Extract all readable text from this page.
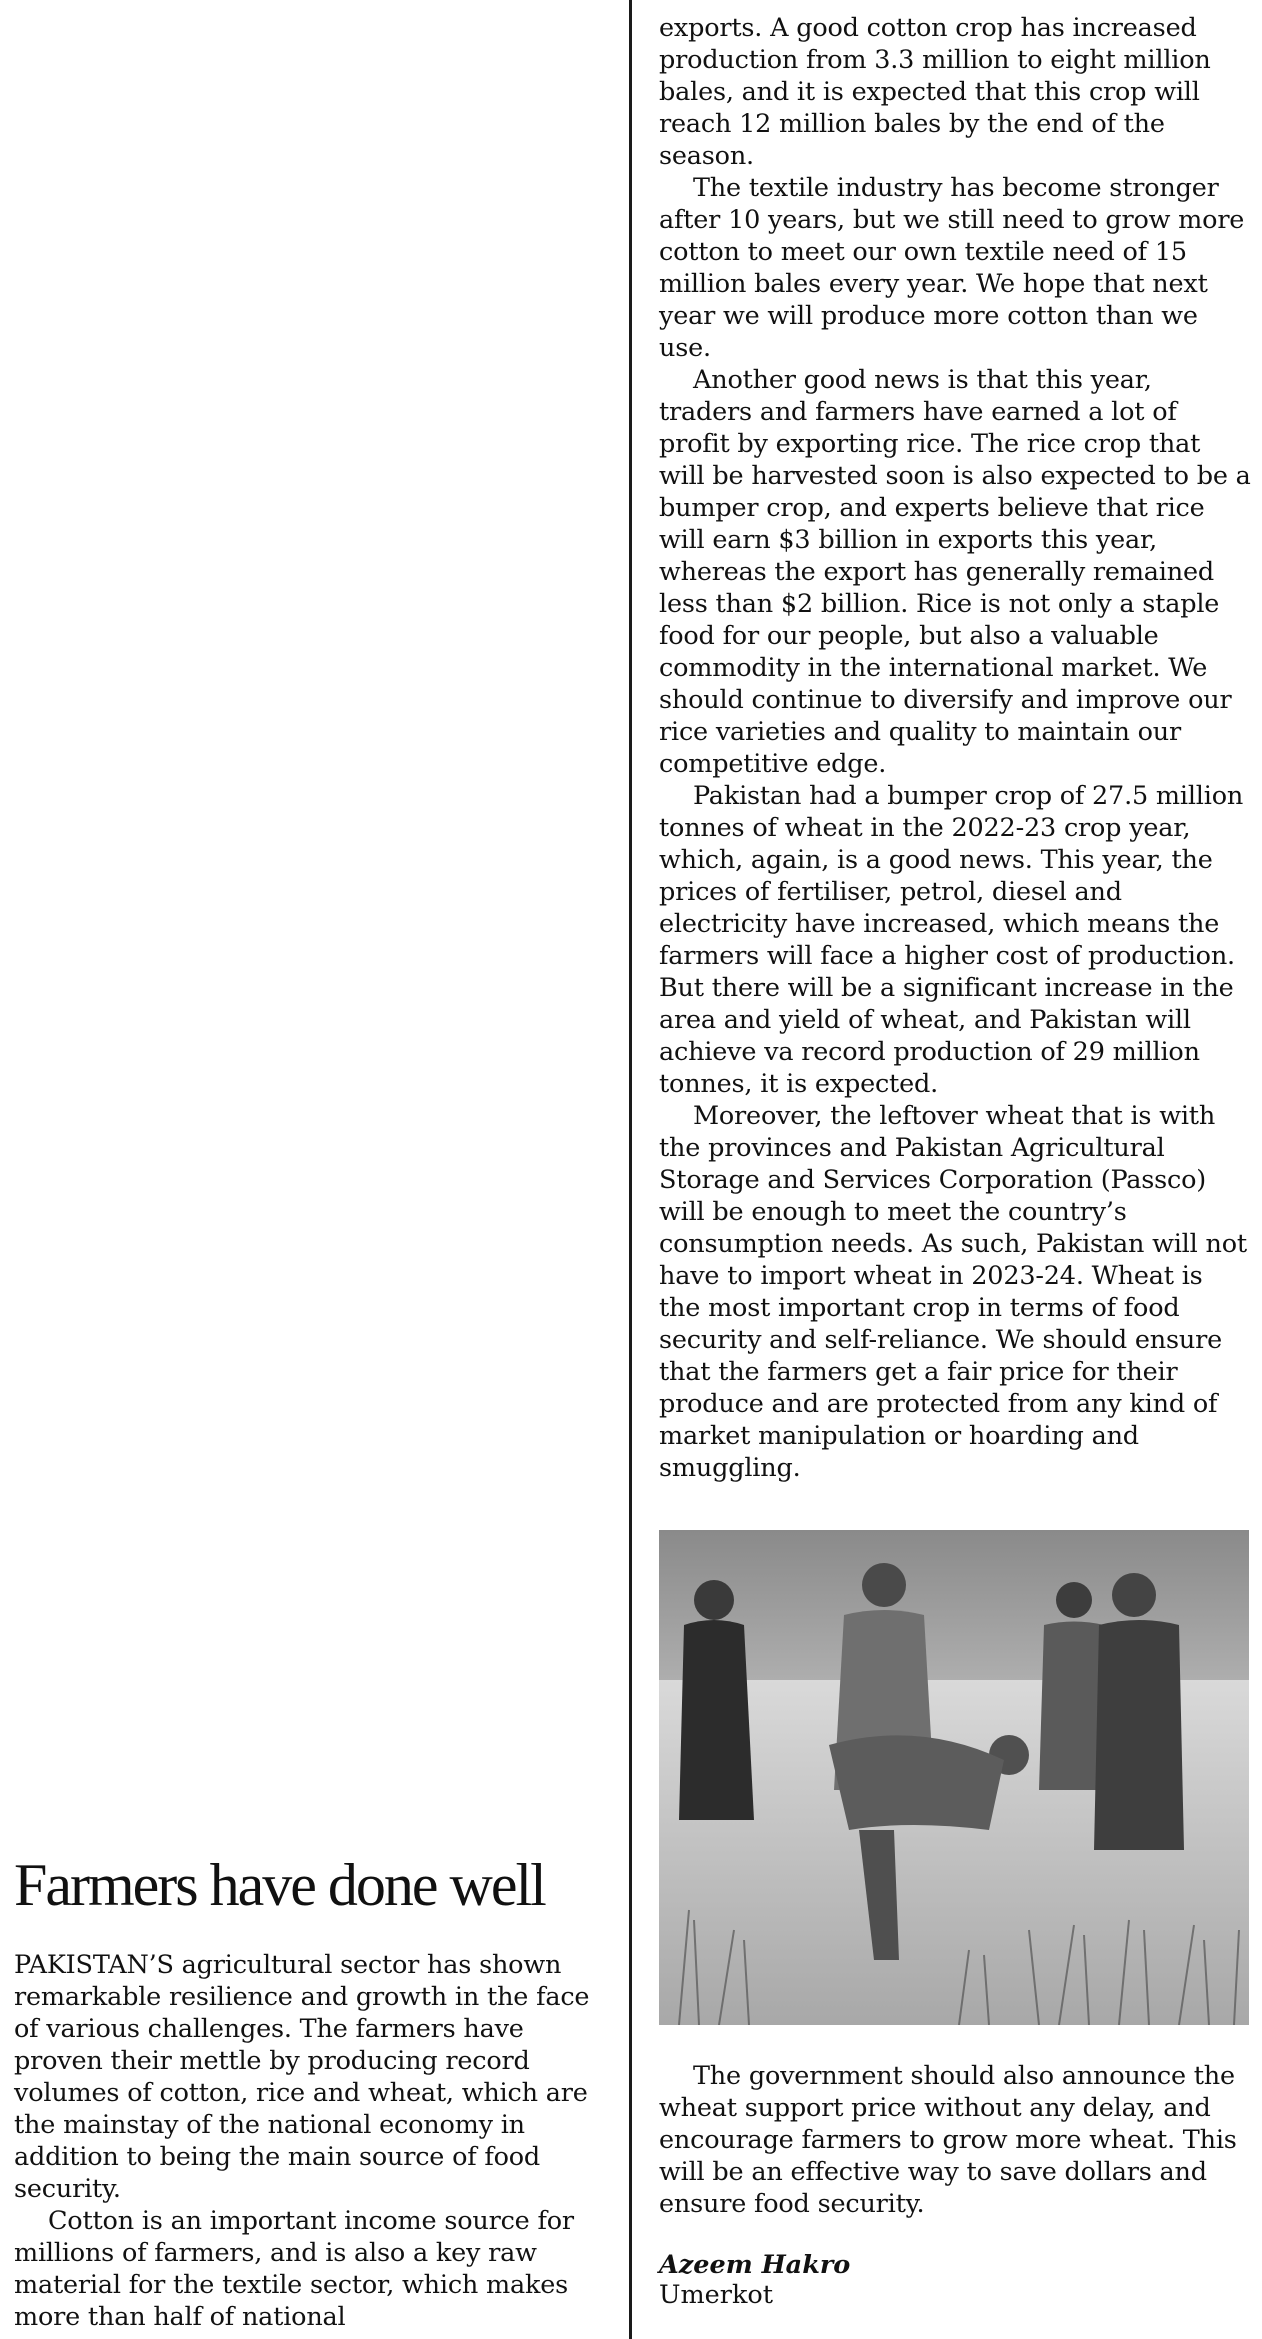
exports. A good cotton crop has increased production from 3.3 million to eight million bales, and it is expected that this crop will reach 12 million bales by the end of the season.

The textile industry has become stronger after 10 years, but we still need to grow more cotton to meet our own textile need of 15 million bales every year. We hope that next year we will produce more cotton than we use.

Another good news is that this year, traders and farmers have earned a lot of profit by exporting rice. The rice crop that will be harvested soon is also expected to be a bumper crop, and experts believe that rice will earn $3 billion in exports this year, whereas the export has generally remained less than $2 billion. Rice is not only a staple food for our people, but also a valuable commodity in the international market. We should continue to diversify and improve our rice varieties and quality to maintain our competitive edge.

Pakistan had a bumper crop of 27.5 million tonnes of wheat in the 2022-23 crop year, which, again, is a good news. This year, the prices of fertiliser, petrol, diesel and electricity have increased, which means the farmers will face a higher cost of production. But there will be a significant increase in the area and yield of wheat, and Pakistan will achieve va record production of 29 million tonnes, it is expected.

Moreover, the leftover wheat that is with the provinces and Pakistan Agricultural Storage and Services Corporation (Passco) will be enough to meet the country’s consumption needs. As such, Pakistan will not have to import wheat in 2023-24. Wheat is the most important crop in terms of food security and self-reliance. We should ensure that the farmers get a fair price for their produce and are protected from any kind of market manipulation or hoarding and smuggling.

The government should also announce the wheat support price without any delay, and encourage farmers to grow more wheat. This will be an effective way to save dollars and ensure food security.

Azeem Hakro
Umerkot
Farmers have done well

PAKISTAN’S agricultural sector has shown remarkable resilience and growth in the face of various challenges. The farmers have proven their mettle by producing record volumes of cotton, rice and wheat, which are the mainstay of the national economy in addition to being the main source of food security.

Cotton is an important income source for millions of farmers, and is also a key raw material for the textile sector, which makes more than half of national
